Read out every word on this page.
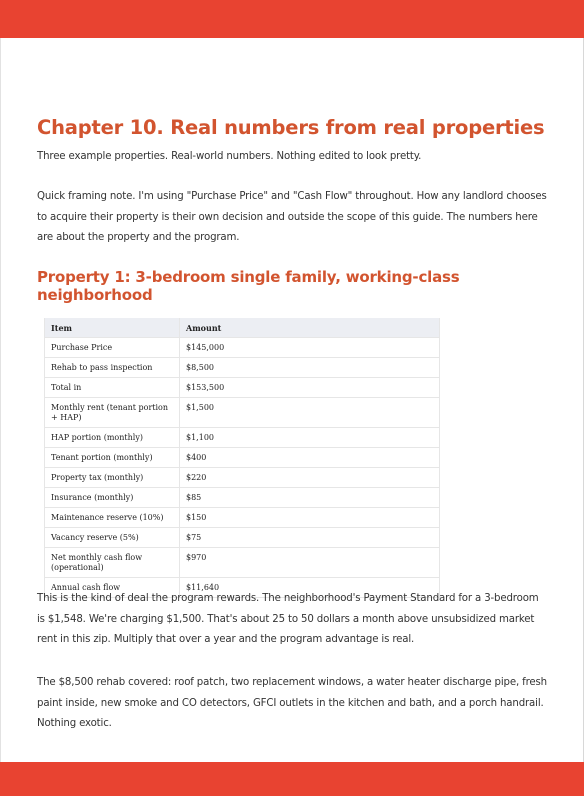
Chapter 10. Real numbers from real properties

Three example properties. Real-world numbers. Nothing edited to look pretty.

Quick framing note. I'm using "Purchase Price" and "Cash Flow" throughout. How any landlord chooses to acquire their property is their own decision and outside the scope of this guide. The numbers here are about the property and the program.

Property 1: 3-bedroom single family, working-class neighborhood
Item	Amount
Purchase Price	$145,000
Rehab to pass inspection	$8,500
Total in	$153,500
Monthly rent (tenant portion + HAP)	$1,500
HAP portion (monthly)	$1,100
Tenant portion (monthly)	$400
Property tax (monthly)	$220
Insurance (monthly)	$85
Maintenance reserve (10%)	$150
Vacancy reserve (5%)	$75
Net monthly cash flow (operational)	$970
Annual cash flow	$11,640

This is the kind of deal the program rewards. The neighborhood's Payment Standard for a 3-bedroom is $1,548. We're charging $1,500. That's about 25 to 50 dollars a month above unsubsidized market rent in this zip. Multiply that over a year and the program advantage is real.

The $8,500 rehab covered: roof patch, two replacement windows, a water heater discharge pipe, fresh paint inside, new smoke and CO detectors, GFCI outlets in the kitchen and bath, and a porch handrail. Nothing exotic.
